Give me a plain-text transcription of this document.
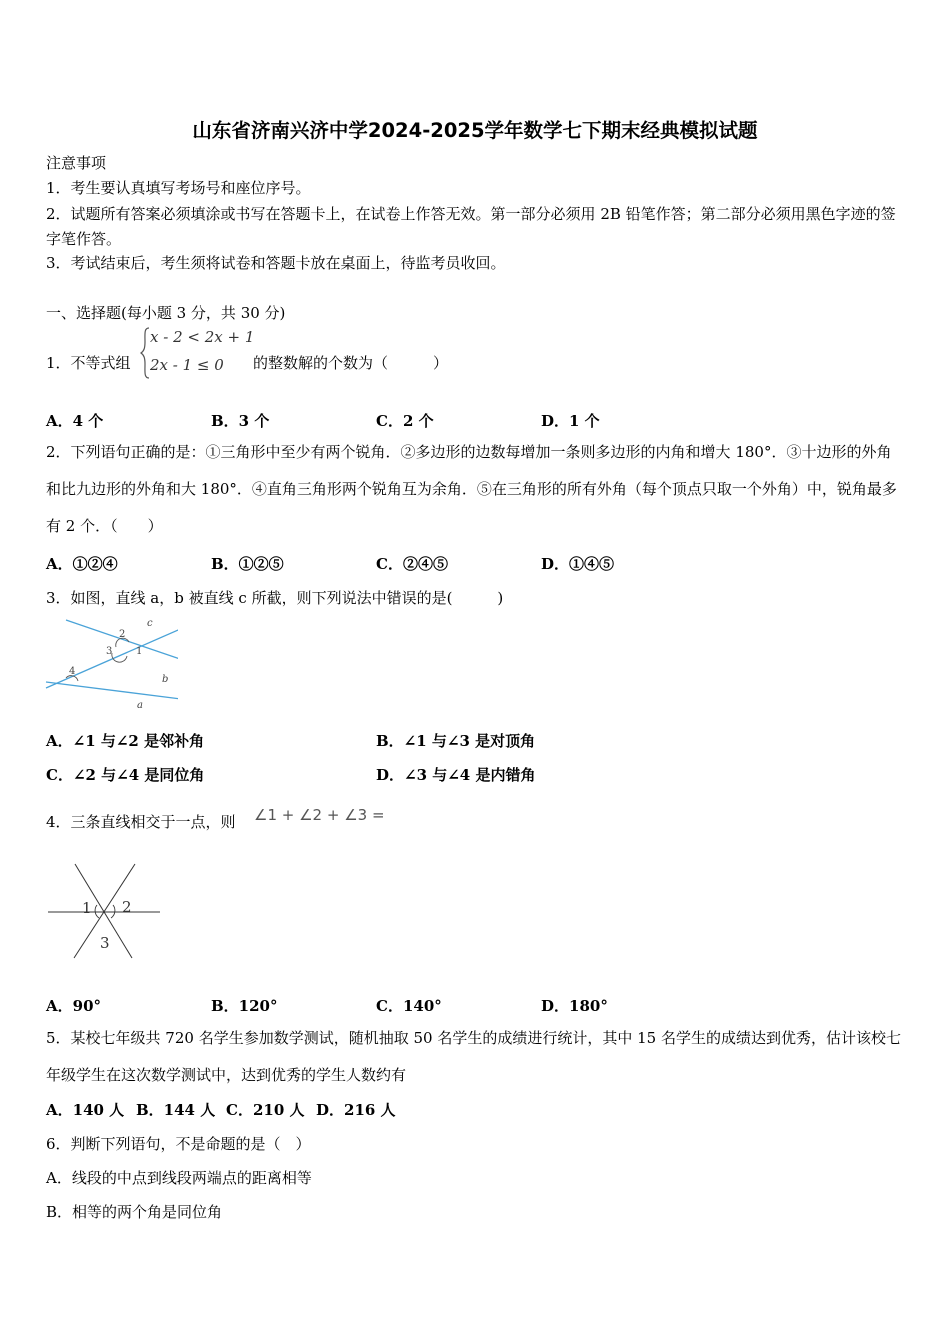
山东省济南兴济中学2024-2025学年数学七下期末经典模拟试题
注意事项
1．考生要认真填写考场号和座位序号。
2．试题所有答案必须填涂或书写在答题卡上，在试卷上作答无效。第一部分必须用 2B 铅笔作答；第二部分必须用黑色字迹的签字笔作答。
3．考试结束后，考生须将试卷和答题卡放在桌面上，待监考员收回。
一、选择题(每小题 3 分，共 30 分)
1．不等式组
x - 2 < 2x + 1
2x - 1 ≤ 0 的整数解的个数为（　　　）
A．4 个	B．3 个	C．2 个	D．1 个
2．下列语句正确的是：①三角形中至少有两个锐角．②多边形的边数每增加一条则多边形的内角和增大 180°．③十边形的外角和比九边形的外角和大 180°．④直角三角形两个锐角互为余角．⑤在三角形的所有外角（每个顶点只取一个外角）中，锐角最多有 2 个．（　　）
A．①②④	B．①②⑤	C．②④⑤	D．①④⑤
3．如图，直线 a，b 被直线 c 所截，则下列说法中错误的是(　　　)
c
2
3 1
4
b
a
A．∠1 与∠2 是邻补角	B．∠1 与∠3 是对顶角
C．∠2 与∠4 是同位角	D．∠3 与∠4 是内错角
4．三条直线相交于一点，则 ∠1 + ∠2 + ∠3 =
1 2
3
A．90°	B．120°	C．140°	D．180°
5．某校七年级共 720 名学生参加数学测试，随机抽取 50 名学生的成绩进行统计，其中 15 名学生的成绩达到优秀，估计该校七年级学生在这次数学测试中，达到优秀的学生人数约有
A．140 人 B．144 人 C．210 人 D．216 人
6．判断下列语句，不是命题的是（　）
A．线段的中点到线段两端点的距离相等
B．相等的两个角是同位角
